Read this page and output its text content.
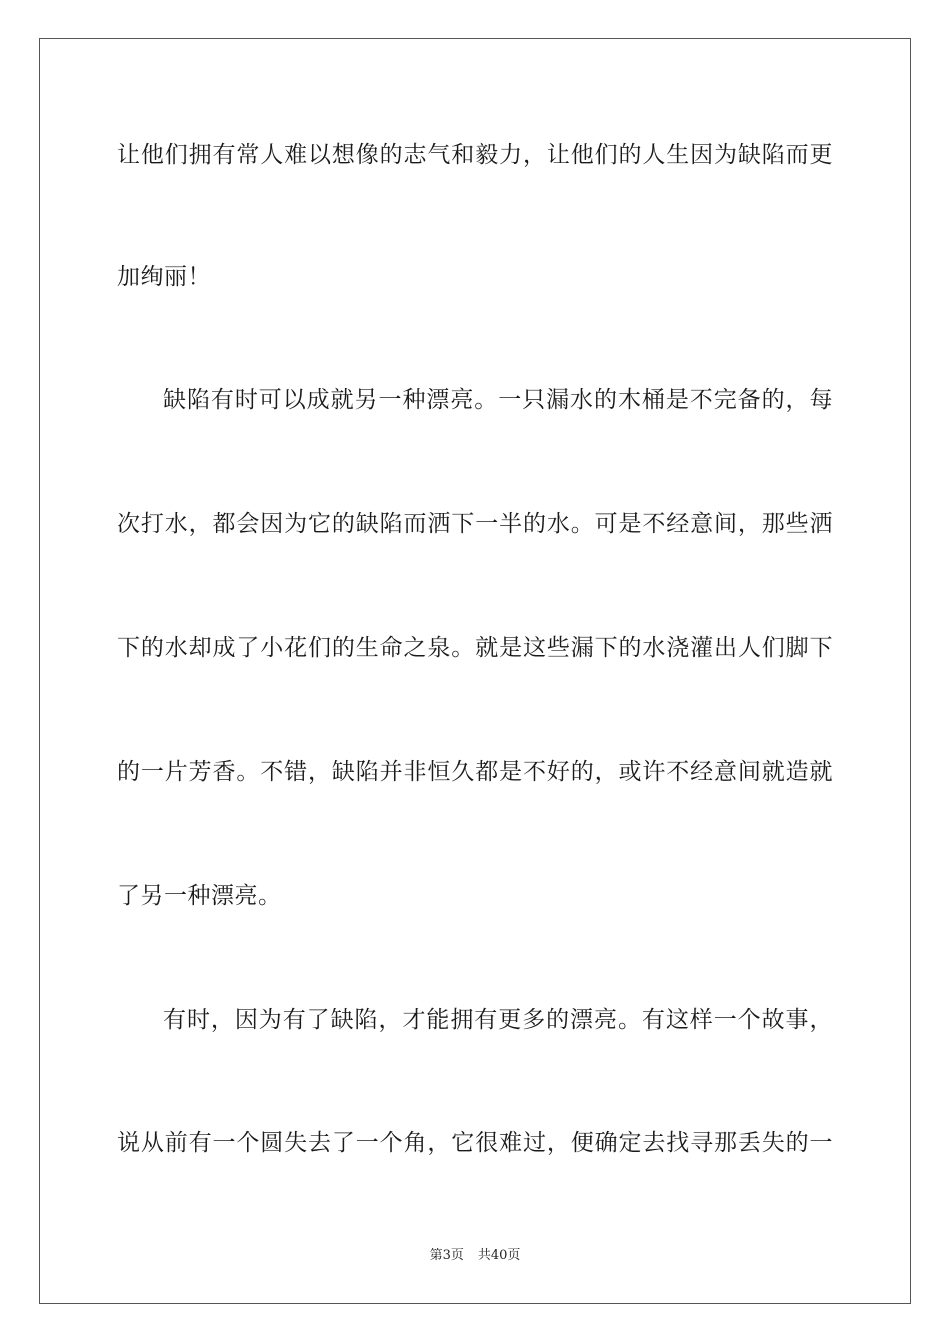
让他们拥有常人难以想像的志气和毅力，让他们的人生因为缺陷而更
加绚丽！
缺陷有时可以成就另一种漂亮。一只漏水的木桶是不完备的，每
次打水，都会因为它的缺陷而洒下一半的水。可是不经意间，那些洒
下的水却成了小花们的生命之泉。就是这些漏下的水浇灌出人们脚下
的一片芳香。不错，缺陷并非恒久都是不好的，或许不经意间就造就
了另一种漂亮。
有时，因为有了缺陷，才能拥有更多的漂亮。有这样一个故事，
说从前有一个圆失去了一个角，它很难过，便确定去找寻那丢失的一
第3页 共40页
